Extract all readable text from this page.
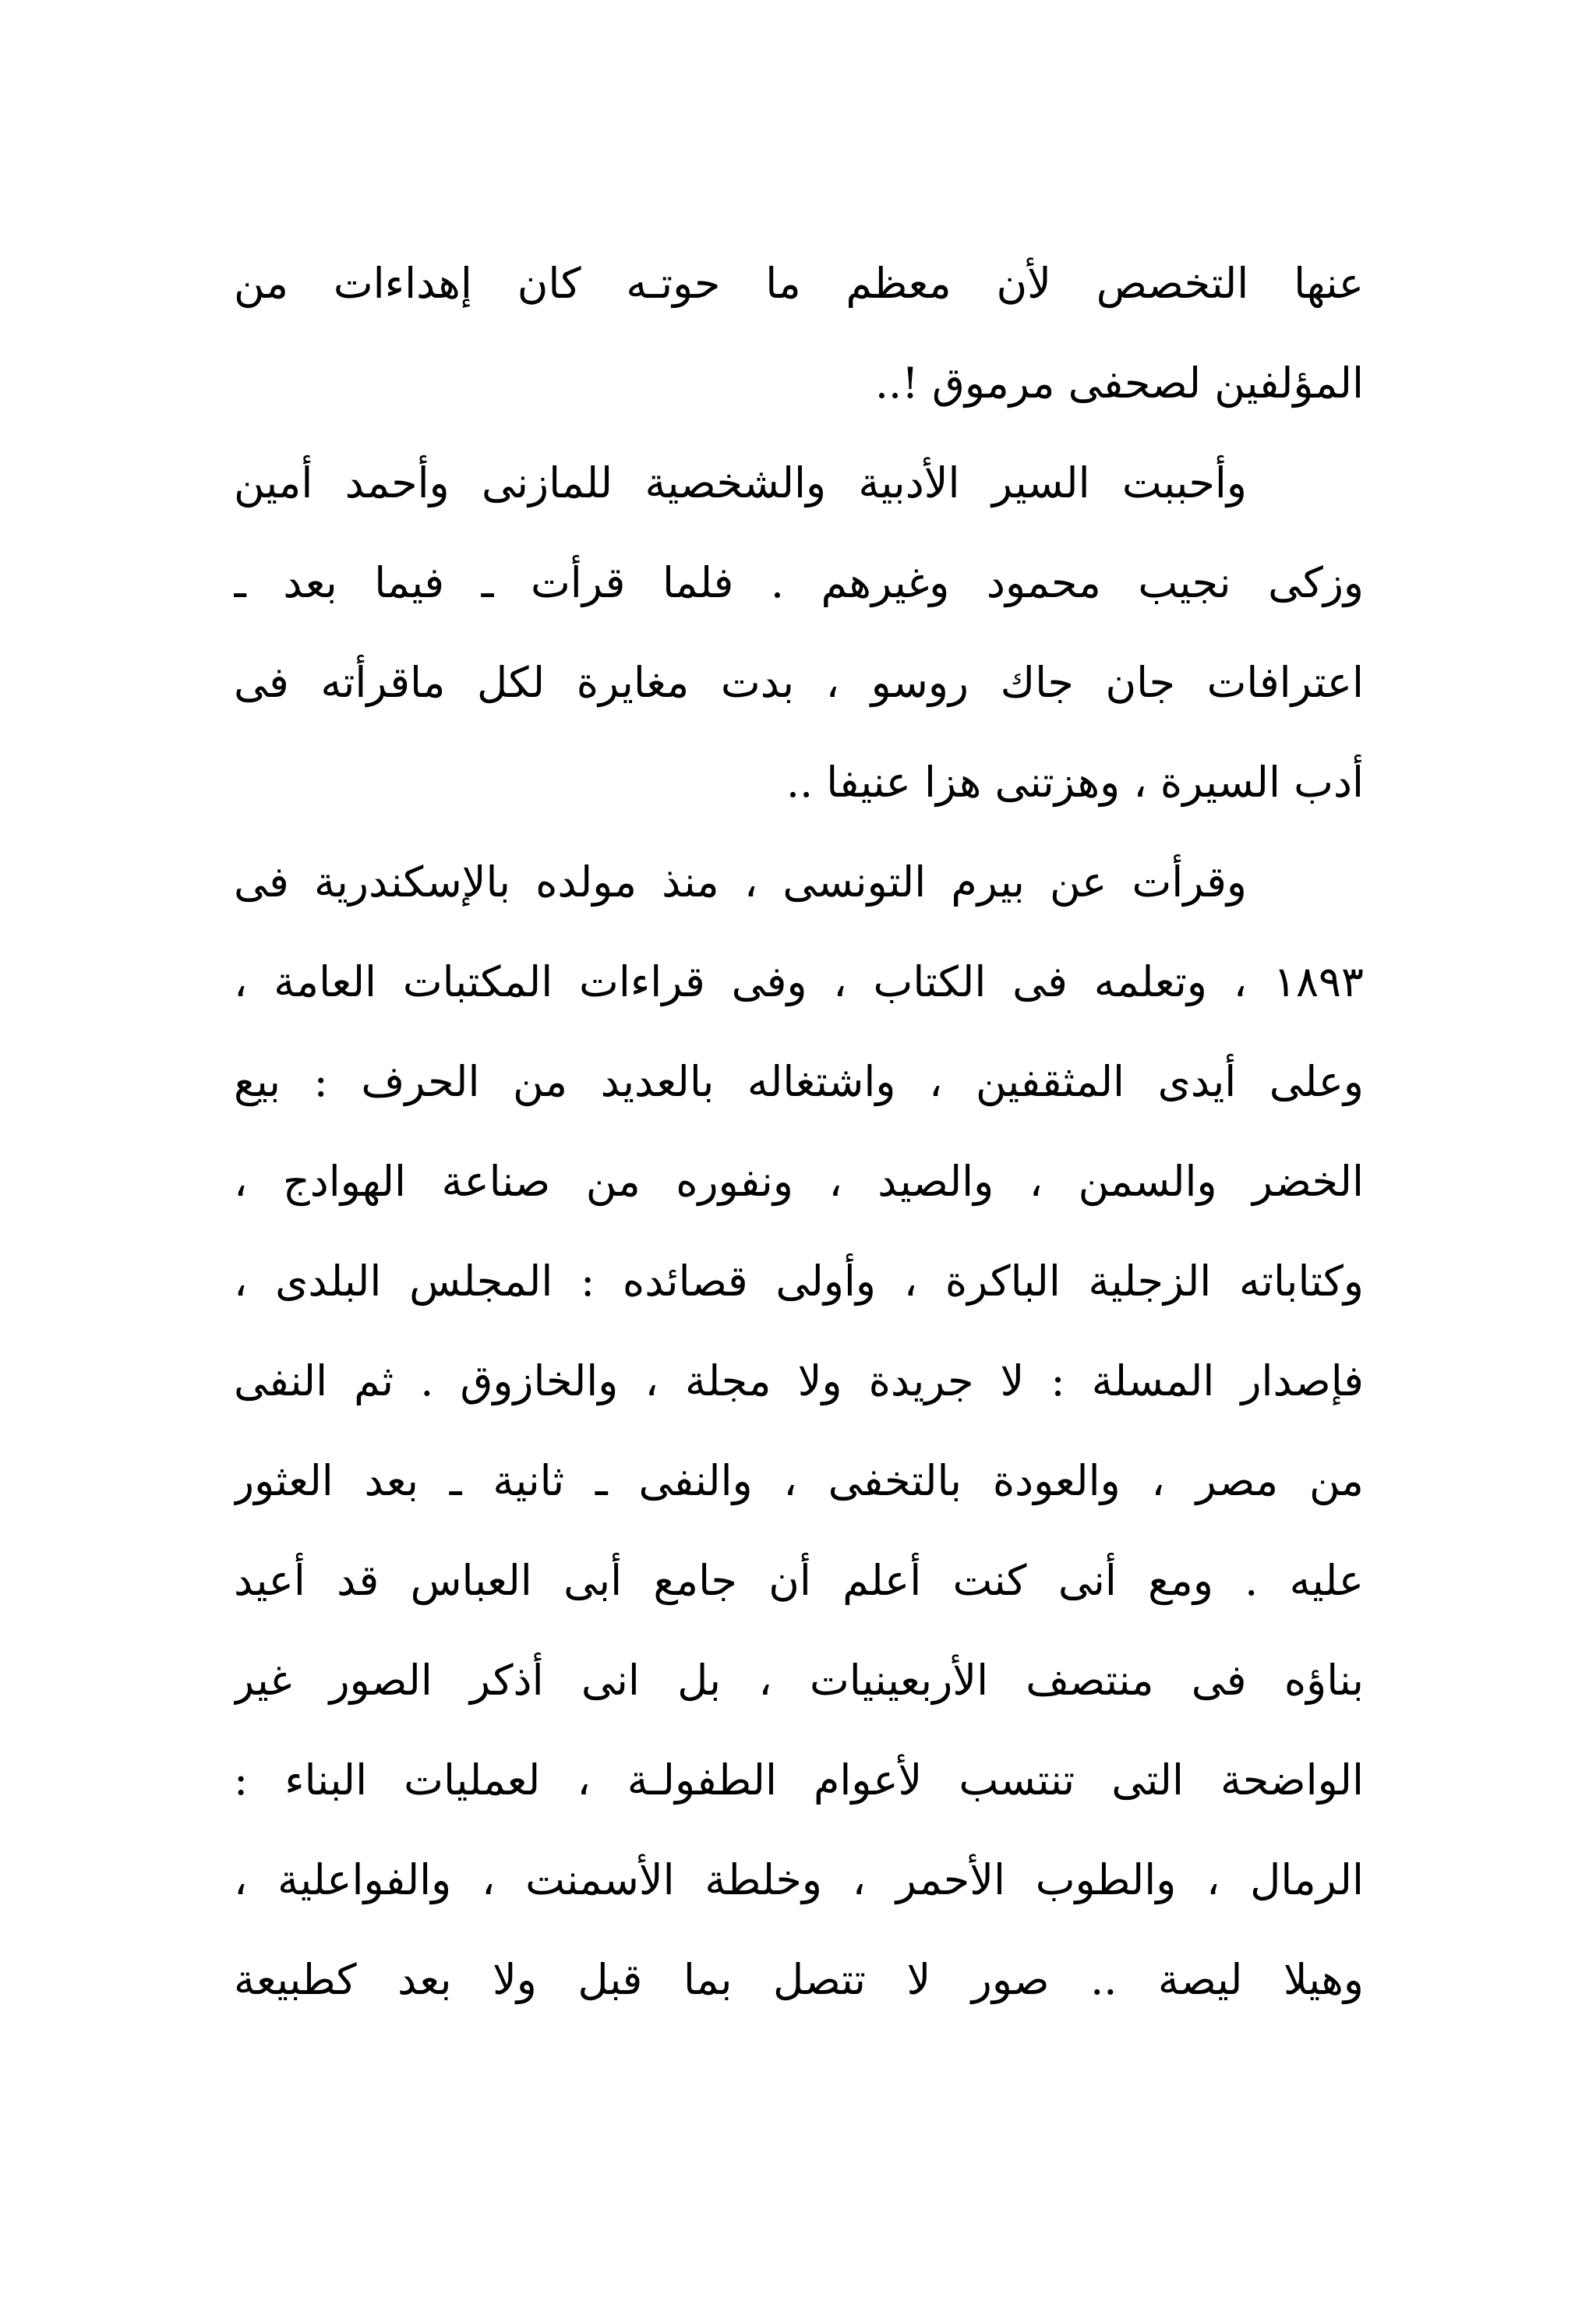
عنها التخصص لأن معظم ما حوتـه كان إهداءات من
المؤلفين لصحفى مرموق !..
وأحببت السير الأدبية والشخصية للمازنى وأحمد أمين
وزكى نجيب محمود وغيرهم . فلما قرأت ـ فيما بعد ـ
اعترافات جان جاك روسو ، بدت مغايرة لكل ماقرأته فى
أدب السيرة ، وهزتنى هزا عنيفا ..
وقرأت عن بيرم التونسى ، منذ مولده بالإسكندرية فى
١٨٩٣ ، وتعلمه فى الكتاب ، وفى قراءات المكتبات العامة ،
وعلى أيدى المثقفين ، واشتغاله بالعديد من الحرف : بيع
الخضر والسمن ، والصيد ، ونفوره من صناعة الهوادج ،
وكتاباته الزجلية الباكرة ، وأولى قصائده : المجلس البلدى ،
فإصدار المسلة : لا جريدة ولا مجلة ، والخازوق . ثم النفى
من مصر ، والعودة بالتخفى ، والنفى ـ ثانية ـ بعد العثور
عليه . ومع أنى كنت أعلم أن جامع أبى العباس قد أعيد
بناؤه فى منتصف الأربعينيات ، بل انى أذكر الصور غير
الواضحة التى تنتسب لأعوام الطفولـة ، لعمليات البناء :
الرمال ، والطوب الأحمر ، وخلطة الأسمنت ، والفواعلية ،
وهيلا ليصة .. صور لا تتصل بما قبل ولا بعد كطبيعة
